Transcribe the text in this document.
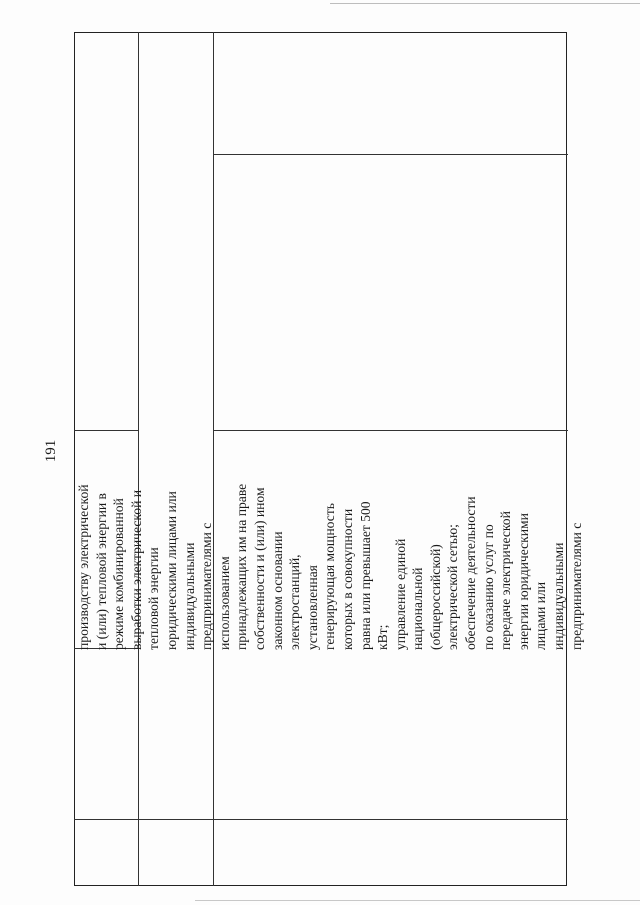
191
производству электрической и (или) тепловой энергии в режиме комбинированной выработки электрической и тепловой энергии юридическими лицами или индивидуальными предпринимателями с использованием принадлежащих им на праве собственности и (или) ином законном основании электростанций, установленная генерирующая мощность которых в совокупности равна или превышает 500 кВт; управление единой национальной (общероссийской) электрической сетью; обеспечение деятельности по оказанию услуг по передаче электрической энергии юридическими лицами или индивидуальными предпринимателями с
